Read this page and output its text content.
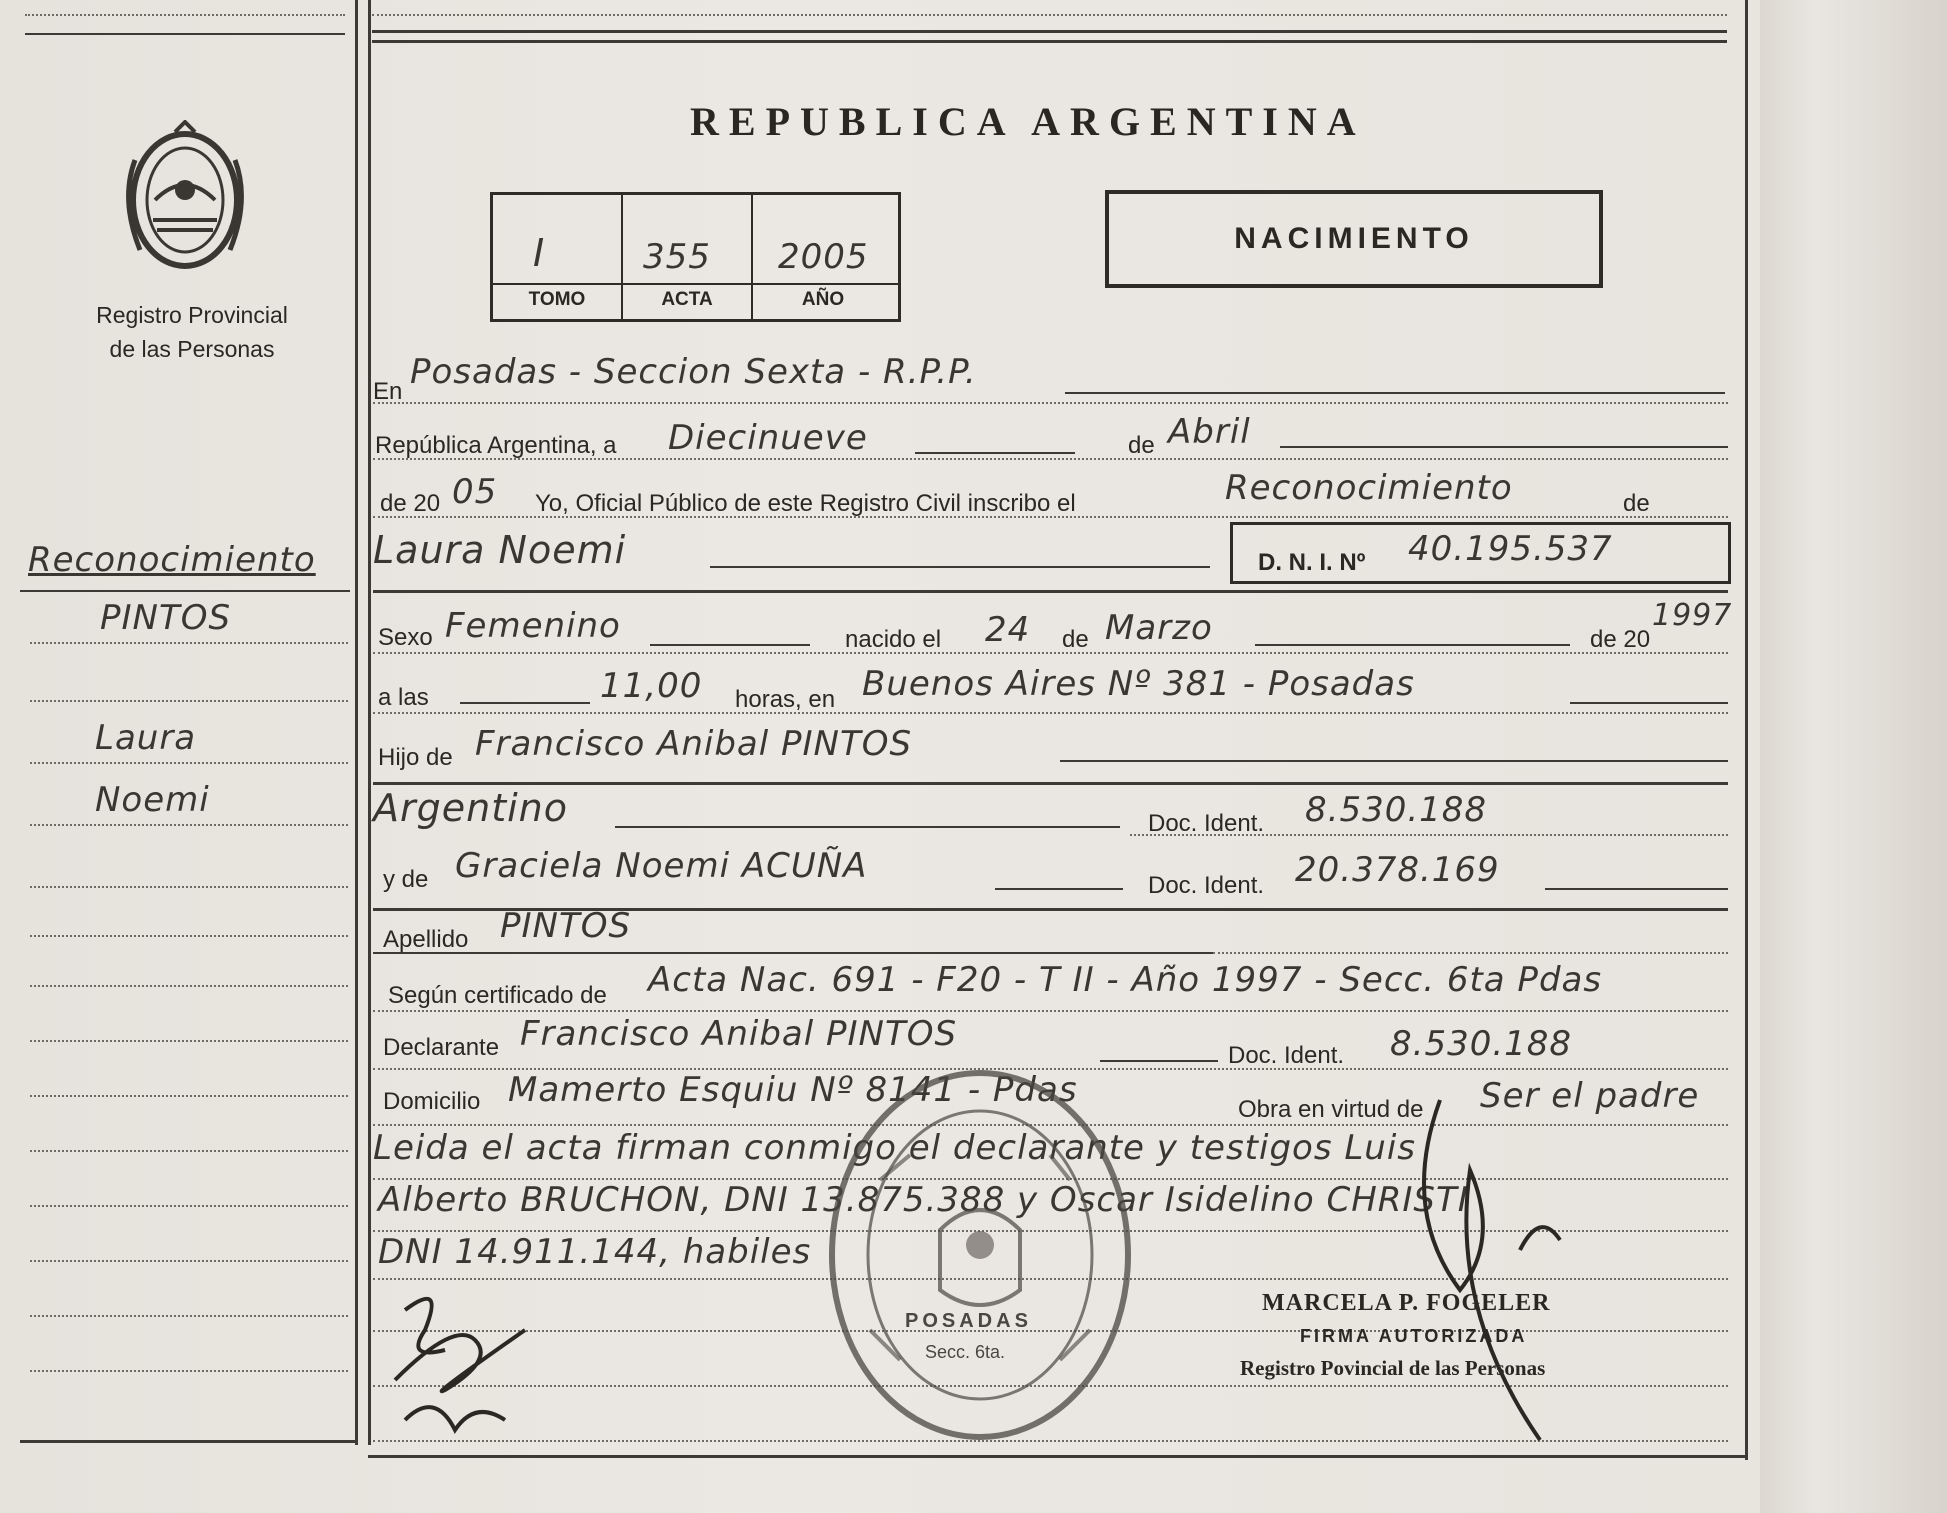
Registro Provincial
de las Personas
Reconocimiento
PINTOS
Laura
Noemi
REPUBLICA ARGENTINA
I	355 2005
TOMO	ACTA	AÑO
NACIMIENTO
En Posadas - Seccion Sexta - R.P.P.
República Argentina, a Diecinueve	de Abril
de 20 05 Yo, Oficial Público de este Registro Civil inscribo el	Reconocimiento	de
Laura Noemi	D. N. I. Nº 40.195.537
Sexo Femenino	nacido el 24 de Marzo	de 20
1997
a las	11,00 horas, en Buenos Aires Nº 381 - Posadas
Hijo de Francisco Anibal PINTOS
Argentino	Doc. Ident. 8.530.188
y de Graciela Noemi ACUÑA	Doc. Ident. 20.378.169
Apellido PINTOS
Según certificado de Acta Nac. 691 - F20 - T II - Año 1997 - Secc. 6ta Pdas
Declarante Francisco Anibal PINTOS
Doc. Ident. 8.530.188
Domicilio Mamerto Esquiu Nº 8141 - Pdas	Obra en virtud de Ser el padre
Leida el acta firman conmigo el declarante y testigos Luis
Alberto BRUCHON, DNI 13.875.388 y Oscar Isidelino CHRISTI
DNI 14.911.144, habiles
POSADAS
Secc. 6ta.
MARCELA P. FOGELER
FIRMA AUTORIZADA
Registro Povincial de las Personas
